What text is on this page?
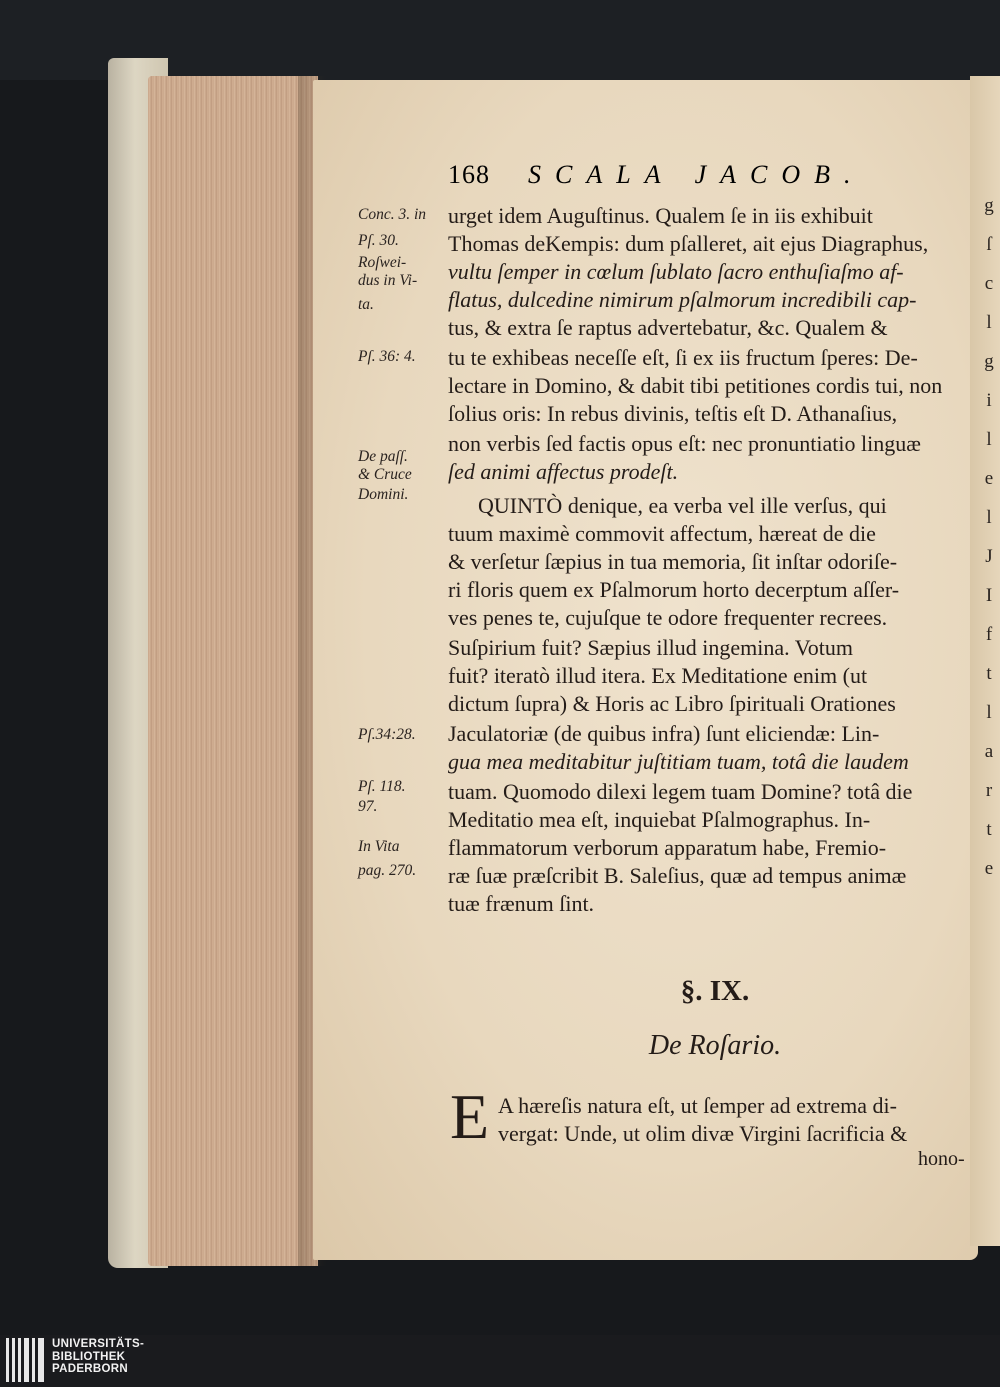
g
ſ
c
l
g
i
l
e
l
J
I
f
t
l
a
r
t
e
168 SCALA JACOB.
urget idem Auguſtinus. Qualem ſe in iis exhibuit
Thomas deKempis: dum pſalleret, ait ejus Diagraphus,
vultu ſemper in cœlum ſublato ſacro enthuſiaſmo af-
flatus, dulcedine nimirum pſalmorum incredibili cap-
tus, & extra ſe raptus advertebatur, &c. Qualem &
tu te exhibeas neceſſe eſt, ſi ex iis fructum ſperes: De-
lectare in Domino, & dabit tibi petitiones cordis tui, non
ſolius oris: In rebus divinis, teſtis eſt D. Athanaſius,
non verbis ſed factis opus eſt: nec pronuntiatio linguæ
ſed animi affectus prodeſt.
QUINTÒ denique, ea verba vel ille verſus, qui
tuum maximè commovit affectum, hæreat de die
& verſetur ſæpius in tua memoria, ſit inſtar odoriſe-
ri floris quem ex Pſalmorum horto decerptum aſſer-
ves penes te, cujuſque te odore frequenter recrees.
Suſpirium fuit? Sæpius illud ingemina. Votum
fuit? iteratò illud itera. Ex Meditatione enim (ut
dictum ſupra) & Horis ac Libro ſpirituali Orationes
Jaculatoriæ (de quibus infra) ſunt eliciendæ: Lin-
gua mea meditabitur juſtitiam tuam, totâ die laudem
tuam. Quomodo dilexi legem tuam Domine? totâ die
Meditatio mea eſt, inquiebat Pſalmographus. In-
flammatorum verborum apparatum habe, Fremio-
ræ ſuæ præſcribit B. Saleſius, quæ ad tempus animæ
tuæ frænum ſint.
Conc. 3. in
Pſ. 30.
Roſwei-
dus in Vi-
ta.
Pſ. 36: 4.
De paſſ.
& Cruce
Domini.
Pſ.34:28.
Pſ. 118.
97.
In Vita
pag. 270.
§. IX.
De Roſario.
E A hæreſis natura eſt, ut ſemper ad extrema di-
vergat: Unde, ut olim divæ Virgini ſacrificia &
hono-
UNIVERSITÄTS-
BIBLIOTHEK
PADERBORN
